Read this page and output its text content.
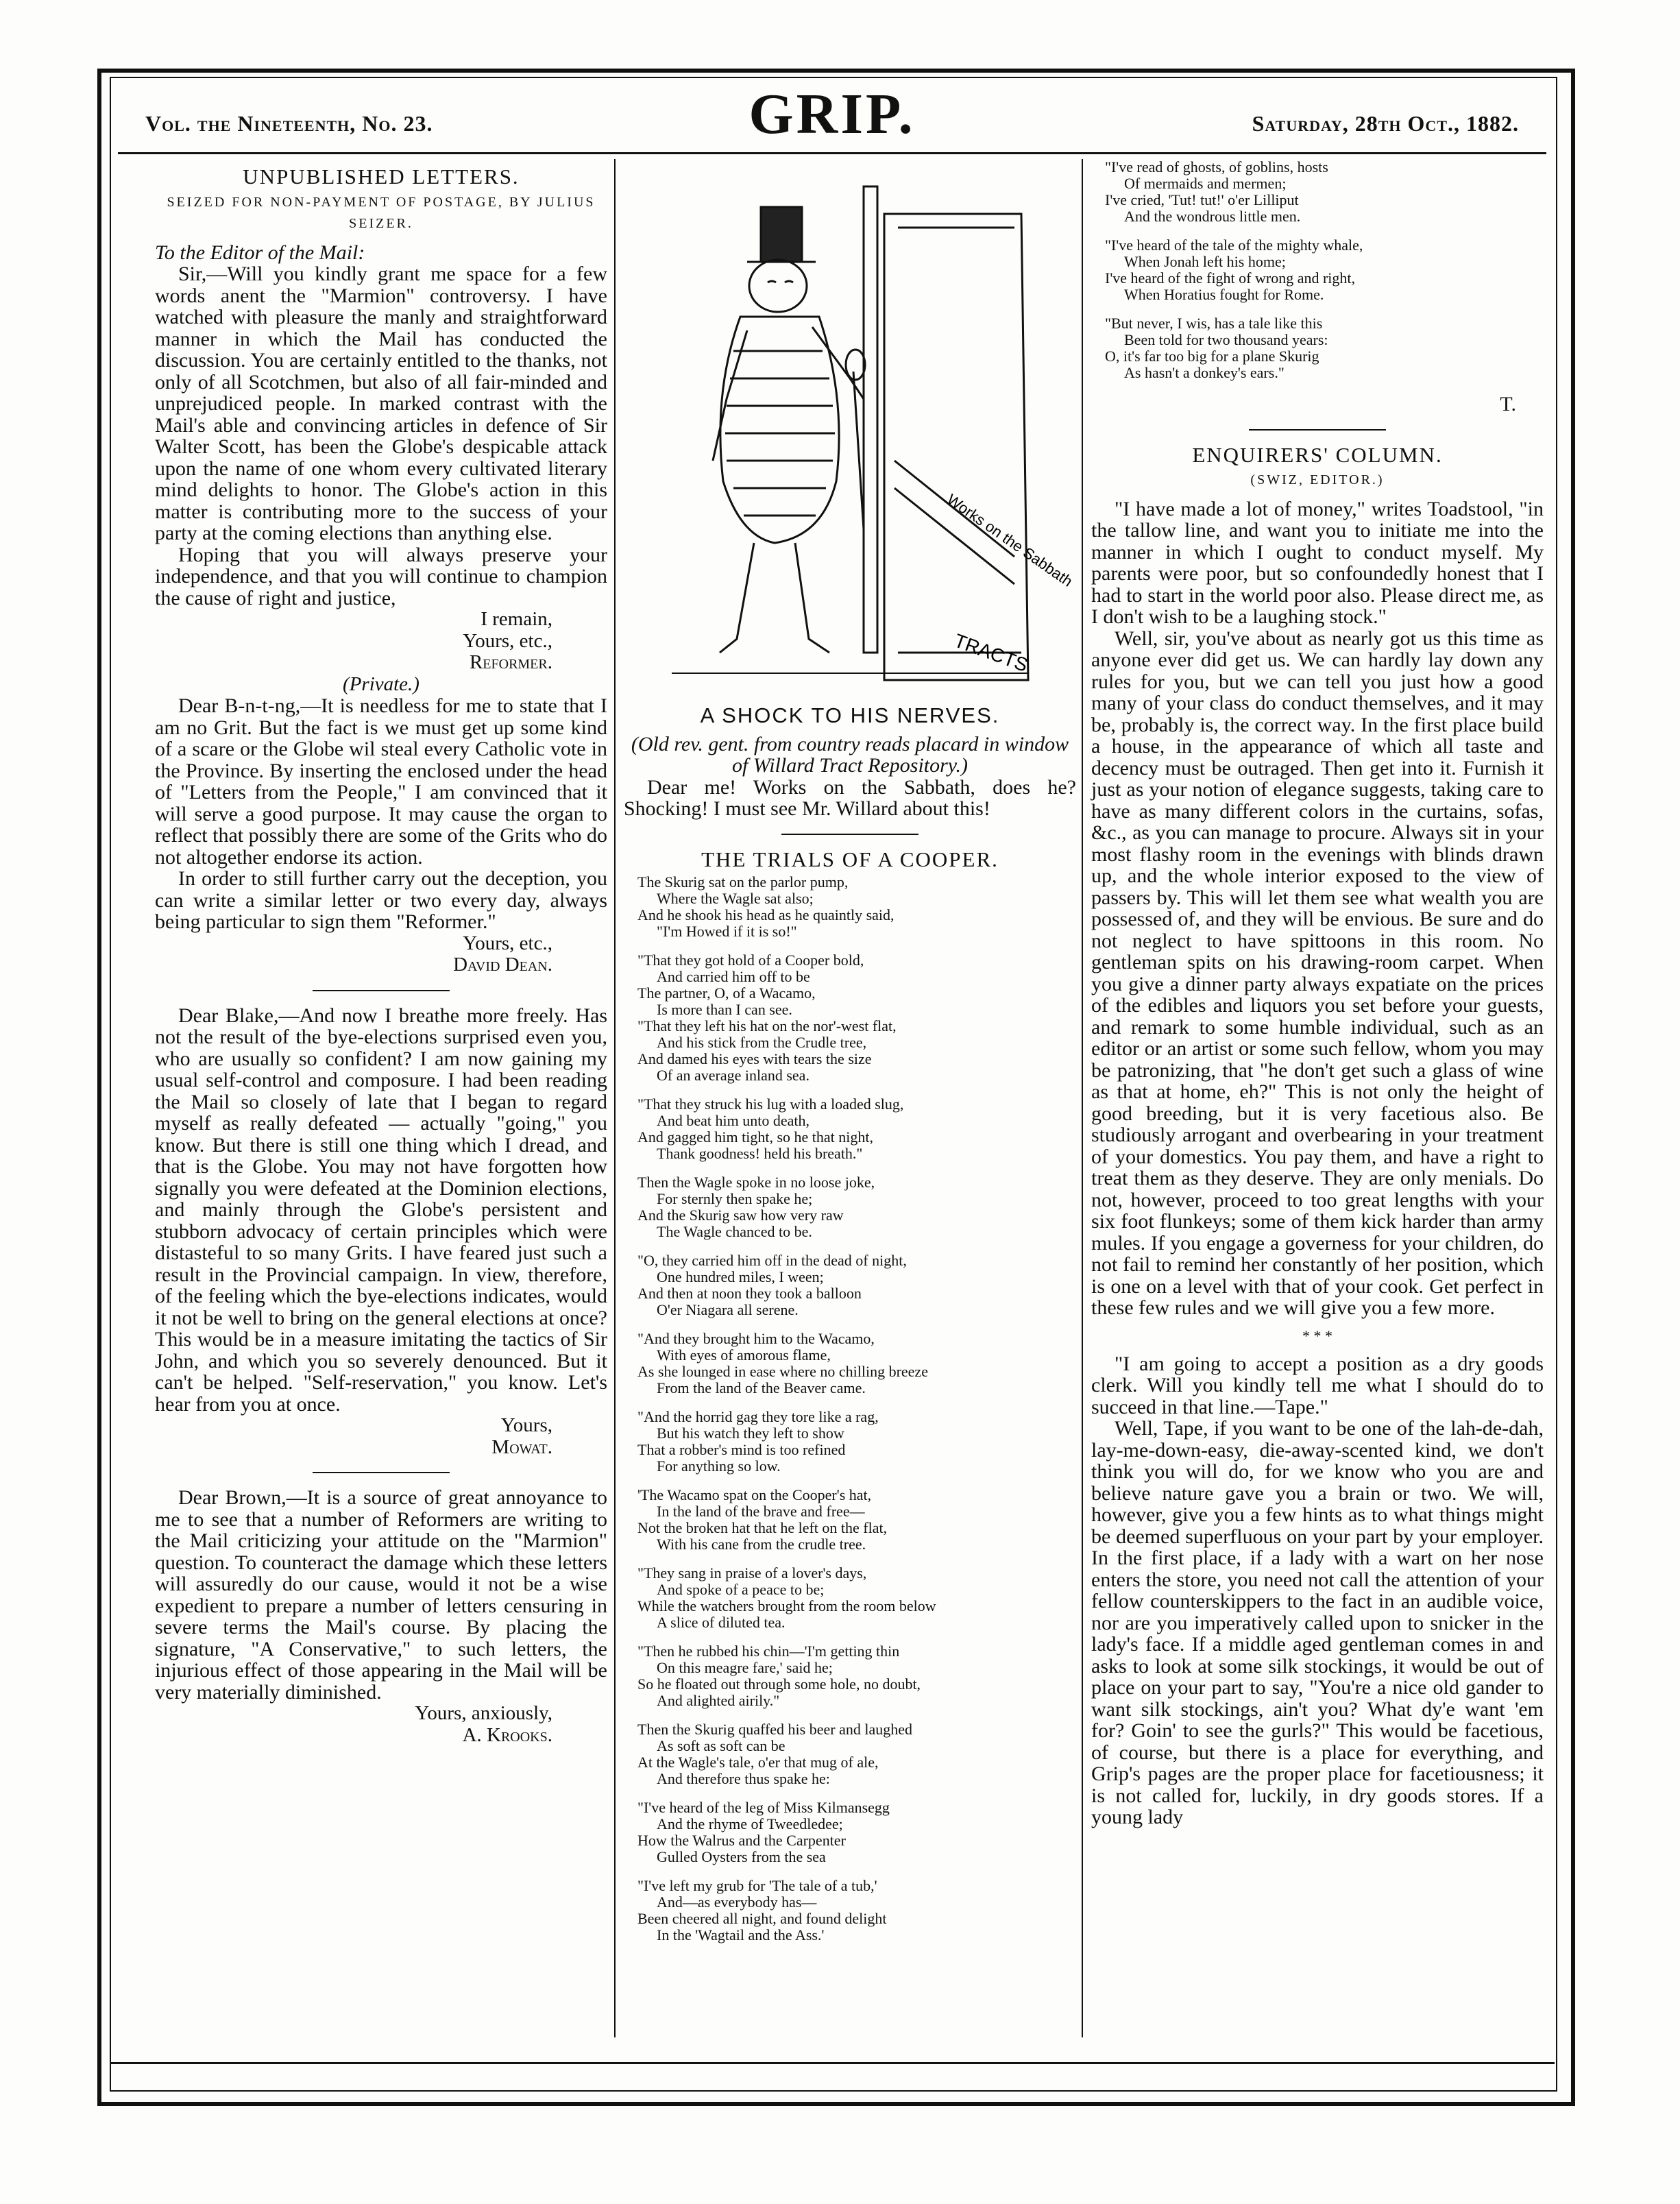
Vol. the Nineteenth, No. 23.	GRIP.	Saturday, 28th Oct., 1882.
UNPUBLISHED LETTERS.
SEIZED FOR NON-PAYMENT OF POSTAGE, BY JULIUS SEIZER.
To the Editor of the Mail:

Sir,—Will you kindly grant me space for a few words anent the "Marmion" controversy. I have watched with pleasure the manly and straightforward manner in which the Mail has conducted the discussion. You are certainly entitled to the thanks, not only of all Scotchmen, but also of all fair-minded and unprejudiced people. In marked contrast with the Mail's able and convincing articles in defence of Sir Walter Scott, has been the Globe's despicable attack upon the name of one whom every cultivated literary mind delights to honor. The Globe's action in this matter is contributing more to the success of your party at the coming elections than anything else.

Hoping that you will always preserve your independence, and that you will continue to champion the cause of right and justice,

I remain,
Yours, etc.,
Reformer.
(Private.)

Dear B-n-t-ng,—It is needless for me to state that I am no Grit. But the fact is we must get up some kind of a scare or the Globe wil steal every Catholic vote in the Province. By inserting the enclosed under the head of "Letters from the People," I am convinced that it will serve a good purpose. It may cause the organ to reflect that possibly there are some of the Grits who do not altogether endorse its action.

In order to still further carry out the deception, you can write a similar letter or two every day, always being particular to sign them "Reformer."

Yours, etc.,
David Dean.

Dear Blake,—And now I breathe more freely. Has not the result of the bye-elections surprised even you, who are usually so confident? I am now gaining my usual self-control and composure. I had been reading the Mail so closely of late that I began to regard myself as really defeated — actually "going," you know. But there is still one thing which I dread, and that is the Globe. You may not have forgotten how signally you were defeated at the Dominion elections, and mainly through the Globe's persistent and stubborn advocacy of certain principles which were distasteful to so many Grits. I have feared just such a result in the Provincial campaign. In view, therefore, of the feeling which the bye-elections indicates, would it not be well to bring on the general elections at once? This would be in a measure imitating the tactics of Sir John, and which you so severely denounced. But it can't be helped. "Self-reservation," you know. Let's hear from you at once.

Yours,
Mowat.

Dear Brown,—It is a source of great annoyance to me to see that a number of Reformers are writing to the Mail criticizing your attitude on the "Marmion" question. To counteract the damage which these letters will assuredly do our cause, would it not be a wise expedient to prepare a number of letters censuring in severe terms the Mail's course. By placing the signature, "A Conservative," to such letters, the injurious effect of those appearing in the Mail will be very materially diminished.

Yours, anxiously,
A. Krooks.
Works on the Sabbath
TRACTS
A SHOCK TO HIS NERVES.
(Old rev. gent. from country reads placard in window of Willard Tract Repository.)

Dear me! Works on the Sabbath, does he? Shocking! I must see Mr. Willard about this!

THE TRIALS OF A COOPER.
The Skurig sat on the parlor pump,
Where the Wagle sat also;
And he shook his head as he quaintly said,
"I'm Howed if it is so!"
"That they got hold of a Cooper bold,
And carried him off to be
The partner, O, of a Wacamo,
Is more than I can see.
"That they left his hat on the nor'-west flat,
And his stick from the Crudle tree,
And damed his eyes with tears the size
Of an average inland sea.
"That they struck his lug with a loaded slug,
And beat him unto death,
And gagged him tight, so he that night,
Thank goodness! held his breath."
Then the Wagle spoke in no loose joke,
For sternly then spake he;
And the Skurig saw how very raw
The Wagle chanced to be.
"O, they carried him off in the dead of night,
One hundred miles, I ween;
And then at noon they took a balloon
O'er Niagara all serene.
"And they brought him to the Wacamo,
With eyes of amorous flame,
As she lounged in ease where no chilling breeze
From the land of the Beaver came.
"And the horrid gag they tore like a rag,
But his watch they left to show
That a robber's mind is too refined
For anything so low.
'The Wacamo spat on the Cooper's hat,
In the land of the brave and free—
Not the broken hat that he left on the flat,
With his cane from the crudle tree.
"They sang in praise of a lover's days,
And spoke of a peace to be;
While the watchers brought from the room below
A slice of diluted tea.
"Then he rubbed his chin—'I'm getting thin
On this meagre fare,' said he;
So he floated out through some hole, no doubt,
And alighted airily."
Then the Skurig quaffed his beer and laughed
As soft as soft can be
At the Wagle's tale, o'er that mug of ale,
And therefore thus spake he:
"I've heard of the leg of Miss Kilmansegg
And the rhyme of Tweedledee;
How the Walrus and the Carpenter
Gulled Oysters from the sea
"I've left my grub for 'The tale of a tub,'
And—as everybody has—
Been cheered all night, and found delight
In the 'Wagtail and the Ass.'
"I've read of ghosts, of goblins, hosts
Of mermaids and mermen;
I've cried, 'Tut! tut!' o'er Lilliput
And the wondrous little men.
"I've heard of the tale of the mighty whale,
When Jonah left his home;
I've heard of the fight of wrong and right,
When Horatius fought for Rome.
"But never, I wis, has a tale like this
Been told for two thousand years:
O, it's far too big for a plane Skurig
As hasn't a donkey's ears."
T.
ENQUIRERS' COLUMN.
(SWIZ, EDITOR.)

"I have made a lot of money," writes Toadstool, "in the tallow line, and want you to initiate me into the manner in which I ought to conduct myself. My parents were poor, but so confoundedly honest that I had to start in the world poor also. Please direct me, as I don't wish to be a laughing stock."

Well, sir, you've about as nearly got us this time as anyone ever did get us. We can hardly lay down any rules for you, but we can tell you just how a good many of your class do conduct themselves, and it may be, probably is, the correct way. In the first place build a house, in the appearance of which all taste and decency must be outraged. Then get into it. Furnish it just as your notion of elegance suggests, taking care to have as many different colors in the curtains, sofas, &c., as you can manage to procure. Always sit in your most flashy room in the evenings with blinds drawn up, and the whole interior exposed to the view of passers by. This will let them see what wealth you are possessed of, and they will be envious. Be sure and do not neglect to have spittoons in this room. No gentleman spits on his drawing-room carpet. When you give a dinner party always expatiate on the prices of the edibles and liquors you set before your guests, and remark to some humble individual, such as an editor or an artist or some such fellow, whom you may be patronizing, that "he don't get such a glass of wine as that at home, eh?" This is not only the height of good breeding, but it is very facetious also. Be studiously arrogant and overbearing in your treatment of your domestics. You pay them, and have a right to treat them as they deserve. They are only menials. Do not, however, proceed to too great lengths with your six foot flunkeys; some of them kick harder than army mules. If you engage a governess for your children, do not fail to remind her constantly of her position, which is one on a level with that of your cook. Get perfect in these few rules and we will give you a few more.

* * *

"I am going to accept a position as a dry goods clerk. Will you kindly tell me what I should do to succeed in that line.—Tape."

Well, Tape, if you want to be one of the lah-de-dah, lay-me-down-easy, die-away-scented kind, we don't think you will do, for we know who you are and believe nature gave you a brain or two. We will, however, give you a few hints as to what things might be deemed superfluous on your part by your employer. In the first place, if a lady with a wart on her nose enters the store, you need not call the attention of your fellow counterskippers to the fact in an audible voice, nor are you imperatively called upon to snicker in the lady's face. If a middle aged gentleman comes in and asks to look at some silk stockings, it would be out of place on your part to say, "You're a nice old gander to want silk stockings, ain't you? What dy'e want 'em for? Goin' to see the gurls?" This would be facetious, of course, but there is a place for everything, and Grip's pages are the proper place for facetiousness; it is not called for, luckily, in dry goods stores. If a young lady
